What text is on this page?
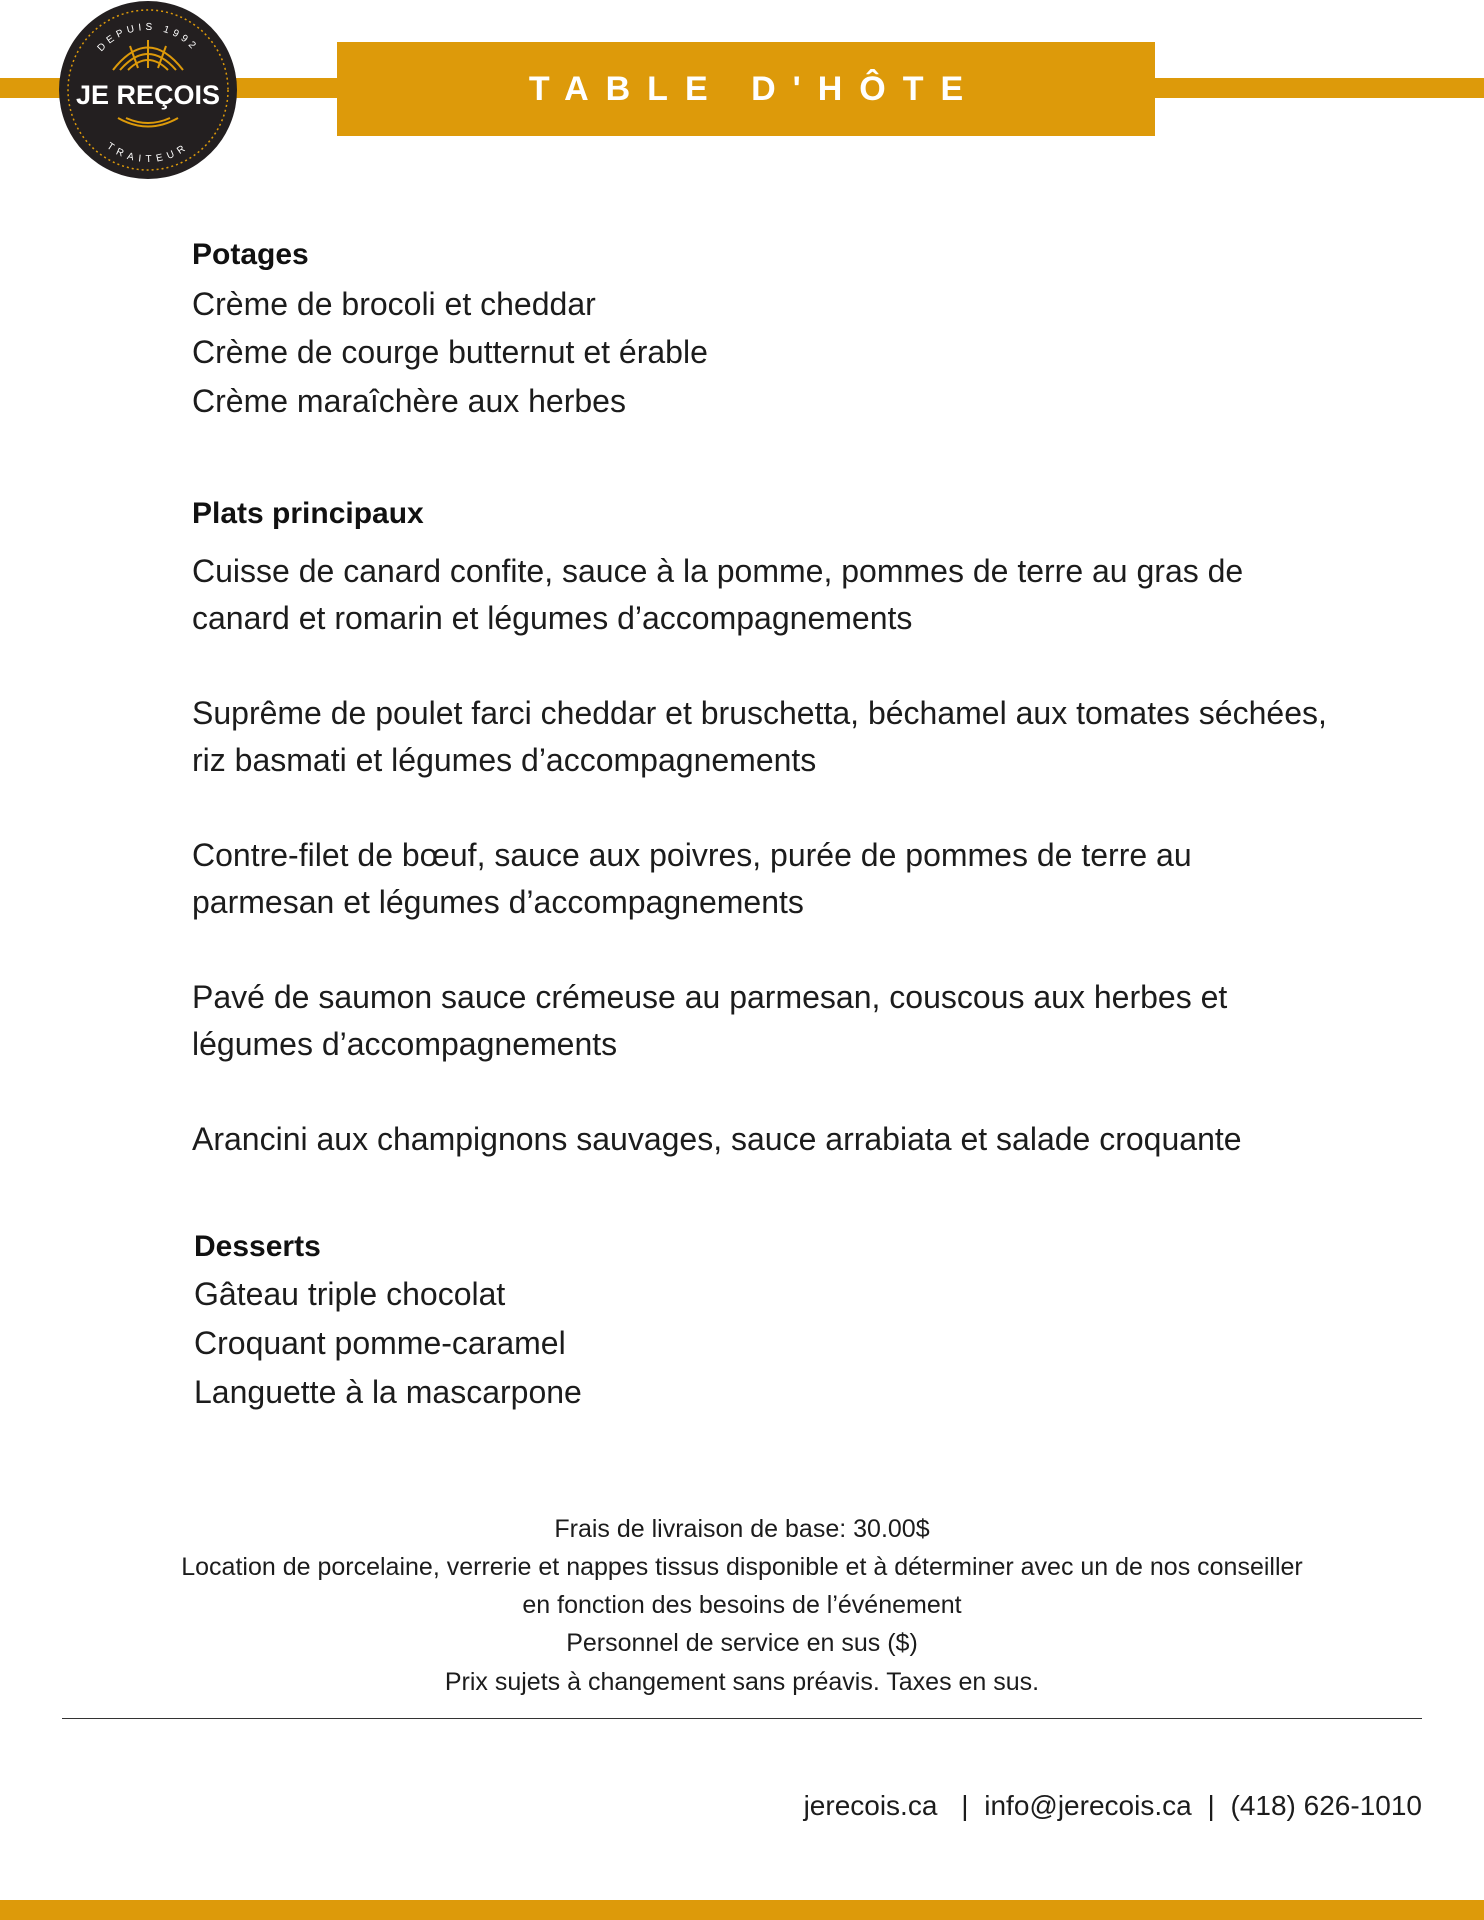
TABLE D'HÔTE
DEPUIS 1992
JE REÇOIS
TRAITEUR
Potages
Crème de brocoli et cheddar
Crème de courge butternut et érable
Crème maraîchère aux herbes
Plats principaux
Cuisse de canard confite, sauce à la pomme, pommes de terre au gras de canard et romarin et légumes d’accompagnements
Suprême de poulet farci cheddar et bruschetta, béchamel aux tomates séchées, riz basmati et légumes d’accompagnements
Contre-filet de bœuf, sauce aux poivres, purée de pommes de terre au parmesan et légumes d’accompagnements
Pavé de saumon sauce crémeuse au parmesan, couscous aux herbes et légumes d’accompagnements
Arancini aux champignons sauvages, sauce arrabiata et salade croquante
Desserts
Gâteau triple chocolat
Croquant pomme-caramel
Languette à la mascarpone
Frais de livraison de base: 30.00$
Location de porcelaine, verrerie et nappes tissus disponible et à déterminer avec un de nos conseiller
en fonction des besoins de l’événement
Personnel de service en sus ($)
Prix sujets à changement sans préavis. Taxes en sus.
jerecois.ca | info@jerecois.ca | (418) 626-1010
